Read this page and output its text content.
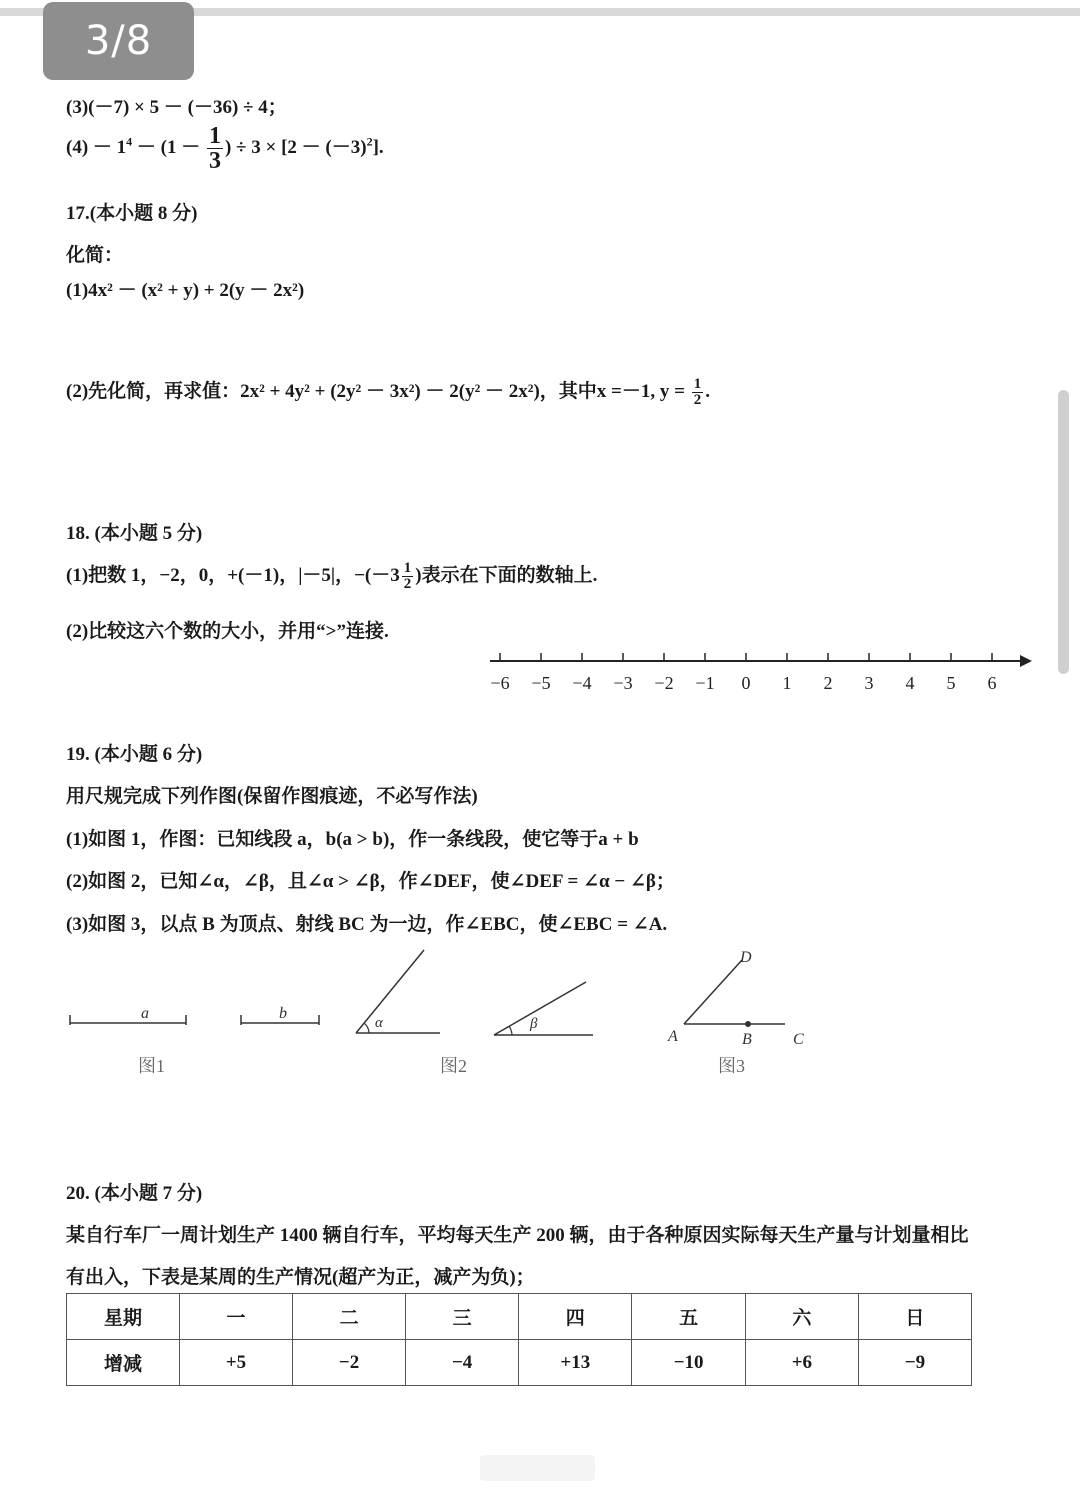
3/8
(3)(－7) × 5 － (－36) ÷ 4；
$(4) - 1^4 - (1 - \frac{1}{3}$ ) ÷ $3 \times [2 - (-3)^2]$.
17.(本小题 8 分)
化简：
(1)4x² － (x² + y) + 2(y － 2x²)
(2)先化简，再求值：2x² + 4y² + (2y² － 3x²) － 2(y² － 2x²)，其中x =－1, $y = \frac{1}{2}$ .
18. (本小题 5 分)
(1)把数 1，−2，0，+(－1)，|－5|，$-(-3 \frac{1}{2}$ )表示在下面的数轴上.
(2)比较这六个数的大小，并用“>”连接.
−6 −5 −4 −3 −2 −1 0 1 2 3 4 5 6
19. (本小题 6 分)
用尺规完成下列作图(保留作图痕迹，不必写作法)
(1)如图 1，作图：已知线段 a，b(a > b)，作一条线段，使它等于a + b
(2)如图 2，已知∠α，∠β，且∠α > ∠β，作∠DEF，使∠DEF = ∠α − ∠β；
(3)如图 3，以点 B 为顶点、射线 BC 为一边，作∠EBC，使∠EBC = ∠A.
a	b
图1
α	β
图2
D
A	B	C
图3
20. (本小题 7 分)
某自行车厂一周计划生产 1400 辆自行车，平均每天生产 200 辆，由于各种原因实际每天生产量与计划量相比
有出入，下表是某周的生产情况(超产为正，减产为负)；
星期	一	二	三	四	五	六	日
增减	+5	−2	−4	+13	−10	+6	−9
